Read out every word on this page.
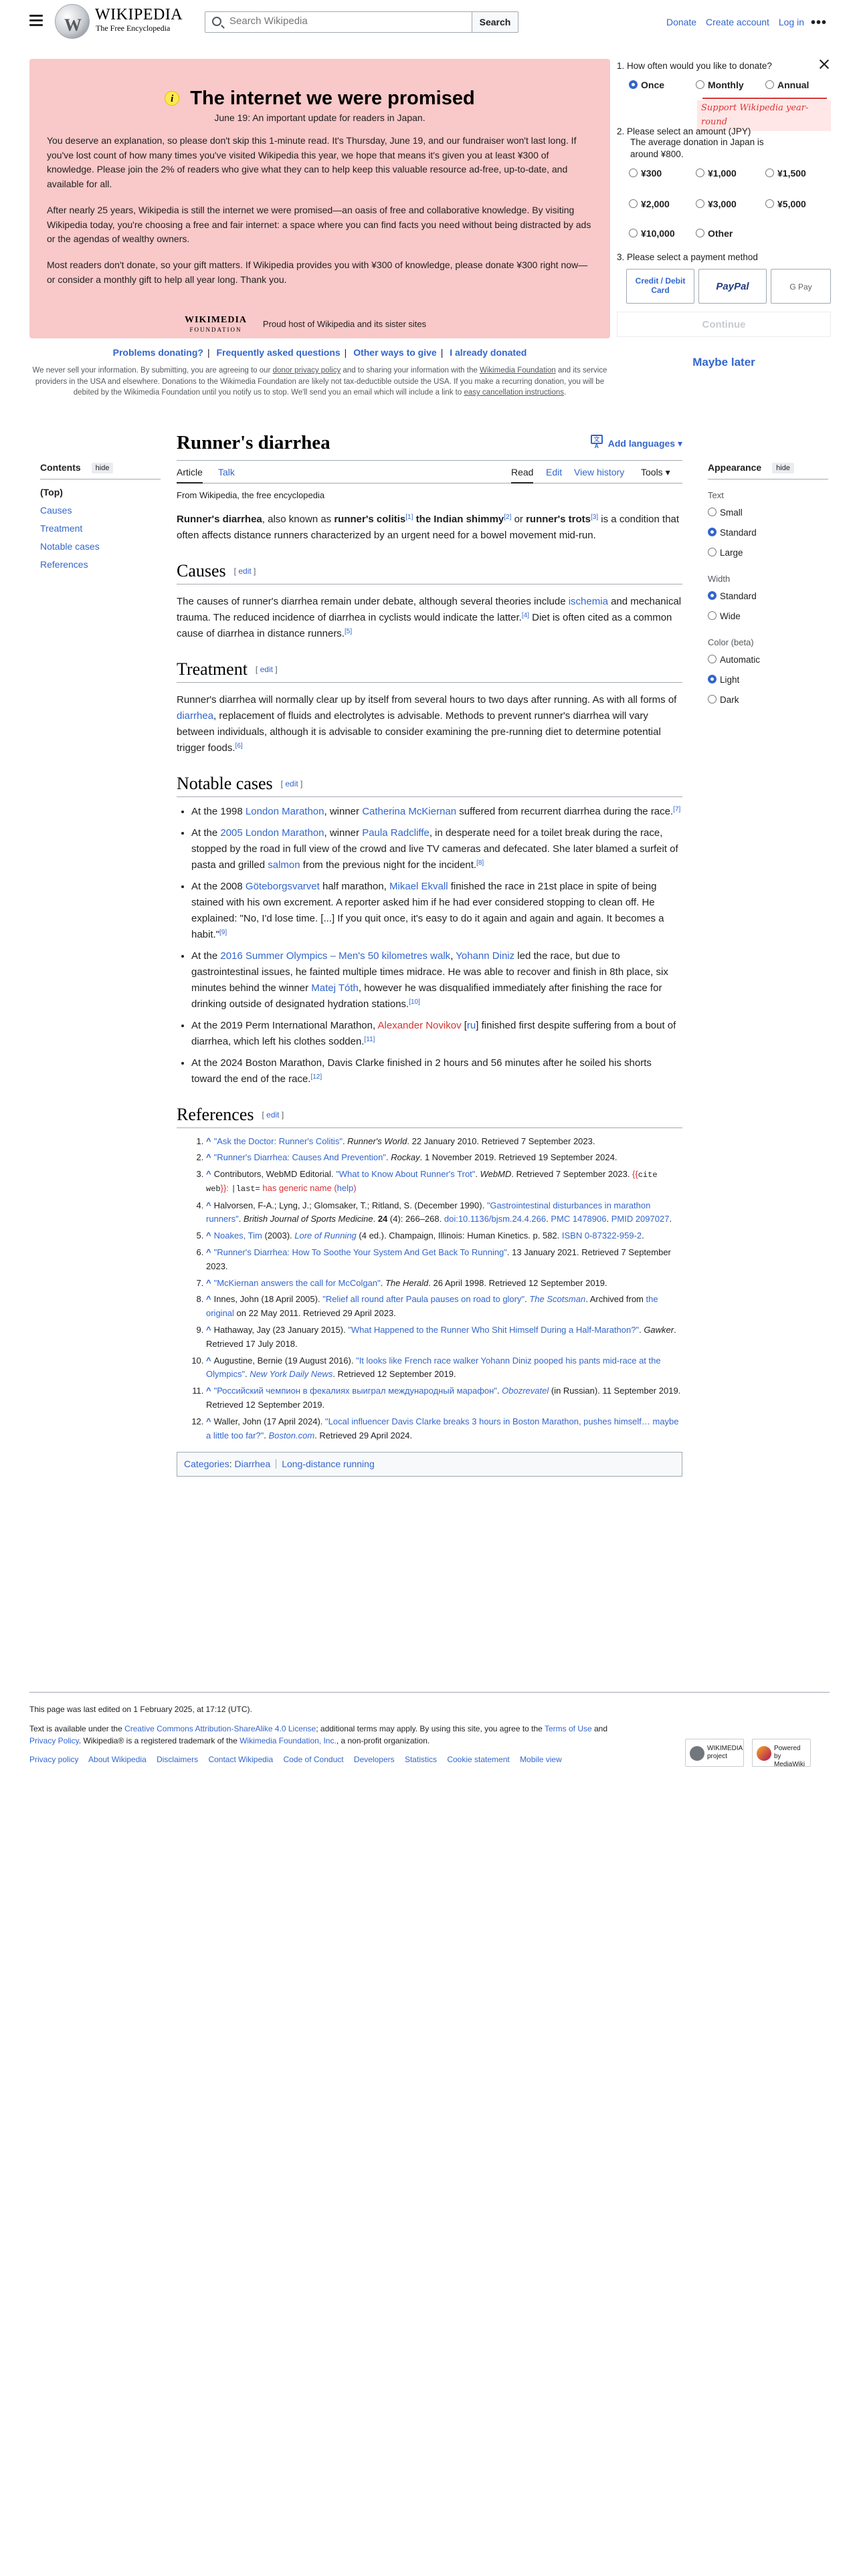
W
WIKIPEDIA
The Free Encyclopedia
Search Wikipedia
Search	Donate Create account Log in •••
i The internet we were promised
June 19: An important update for readers in Japan.
You deserve an explanation, so please don't skip this 1-minute read. It's Thursday, June 19, and our fundraiser won't last long. If you've lost count of how many times you've visited Wikipedia this year, we hope that means it's given you at least ¥300 of knowledge. Please join the 2% of readers who give what they can to help keep this valuable resource ad-free, up-to-date, and available for all.
After nearly 25 years, Wikipedia is still the internet we were promised—an oasis of free and collaborative knowledge. By visiting Wikipedia today, you're choosing a free and fair internet: a space where you can find facts you need without being distracted by ads or the agendas of wealthy owners.
Most readers don't donate, so your gift matters. If Wikipedia provides you with ¥300 of knowledge, please donate ¥300 right now—or consider a monthly gift to help all year long. Thank you.
WIKIMEDIA
FOUNDATION
Proud host of Wikipedia and its sister sites
Problems donating? | Frequently asked questions | Other ways to give | I already donated
We never sell your information. By submitting, you are agreeing to our donor privacy policy and to sharing your information with the Wikimedia Foundation and its service providers in the USA and elsewhere. Donations to the Wikimedia Foundation are likely not tax-deductible outside the USA. If you make a recurring donation, you will be debited by the Wikimedia Foundation until you notify us to stop. We'll send you an email which will include a link to easy cancellation instructions.
1. How often would you like to donate?
Once	Monthly	Annual
Support Wikipedia year-round
2. Please select an amount (JPY)
The average donation in Japan is around ¥800.
¥300	¥1,000	¥1,500
¥2,000	¥3,000	¥5,000
¥10,000	Other
3. Please select a payment method
Credit / Debit Card	PayPal	G Pay
Continue
Maybe later
Contents hide
(Top)
Causes
Treatment
Notable cases
References
Runner's diarrhea	文A Add languages ▾
Article Talk	Read Edit View history Tools ▾
From Wikipedia, the free encyclopedia

Runner's diarrhea, also known as runner's colitis[1] the Indian shimmy[2] or runner's trots[3] is a condition that often affects distance runners characterized by an urgent need for a bowel movement mid-run.

Causes [ edit ]

The causes of runner's diarrhea remain under debate, although several theories include ischemia and mechanical trauma. The reduced incidence of diarrhea in cyclists would indicate the latter.[4] Diet is often cited as a common cause of diarrhea in distance runners.[5]

Treatment [ edit ]

Runner's diarrhea will normally clear up by itself from several hours to two days after running. As with all forms of diarrhea, replacement of fluids and electrolytes is advisable. Methods to prevent runner's diarrhea will vary between individuals, although it is advisable to consider examining the pre-running diet to determine potential trigger foods.[6]

Notable cases [ edit ]
• At the 1998 London Marathon, winner Catherina McKiernan suffered from recurrent diarrhea during the race.[7]
• At the 2005 London Marathon, winner Paula Radcliffe, in desperate need for a toilet break during the race, stopped by the road in full view of the crowd and live TV cameras and defecated. She later blamed a surfeit of pasta and grilled salmon from the previous night for the incident.[8]
• At the 2008 Göteborgsvarvet half marathon, Mikael Ekvall finished the race in 21st place in spite of being stained with his own excrement. A reporter asked him if he had ever considered stopping to clean off. He explained: "No, I'd lose time. [...] If you quit once, it's easy to do it again and again and again. It becomes a habit."[9]
• At the 2016 Summer Olympics – Men's 50 kilometres walk, Yohann Diniz led the race, but due to gastrointestinal issues, he fainted multiple times midrace. He was able to recover and finish in 8th place, six minutes behind the winner Matej Tóth, however he was disqualified immediately after finishing the race for drinking outside of designated hydration stations.[10]
• At the 2019 Perm International Marathon, Alexander Novikov [ru] finished first despite suffering from a bout of diarrhea, which left his clothes sodden.[11]
• At the 2024 Boston Marathon, Davis Clarke finished in 2 hours and 56 minutes after he soiled his shorts toward the end of the race.[12]
References [ edit ]
1. ^ "Ask the Doctor: Runner's Colitis". Runner's World. 22 January 2010. Retrieved 7 September 2023.
2. ^ "Runner's Diarrhea: Causes And Prevention". Rockay. 1 November 2019. Retrieved 19 September 2024.
3. ^ Contributors, WebMD Editorial. "What to Know About Runner's Trot". WebMD. Retrieved 7 September 2023. {{cite web}}: |last= has generic name (help)
4. ^ Halvorsen, F-A.; Lyng, J.; Glomsaker, T.; Ritland, S. (December 1990). "Gastrointestinal disturbances in marathon runners". British Journal of Sports Medicine. 24 (4): 266–268. doi:10.1136/bjsm.24.4.266. PMC 1478906. PMID 2097027.
5. ^ Noakes, Tim (2003). Lore of Running (4 ed.). Champaign, Illinois: Human Kinetics. p. 582. ISBN 0-87322-959-2.
6. ^ "Runner's Diarrhea: How To Soothe Your System And Get Back To Running". 13 January 2021. Retrieved 7 September 2023.
7. ^ "McKiernan answers the call for McColgan". The Herald. 26 April 1998. Retrieved 12 September 2019.
8. ^ Innes, John (18 April 2005). "Relief all round after Paula pauses on road to glory". The Scotsman. Archived from the original on 22 May 2011. Retrieved 29 April 2023.
9. ^ Hathaway, Jay (23 January 2015). "What Happened to the Runner Who Shit Himself During a Half-Marathon?". Gawker. Retrieved 17 July 2018.
10. ^ Augustine, Bernie (19 August 2016). "It looks like French race walker Yohann Diniz pooped his pants mid-race at the Olympics". New York Daily News. Retrieved 12 September 2019.
11. ^ "Российский чемпион в фекалиях выиграл международный марафон". Obozrevatel (in Russian). 11 September 2019. Retrieved 12 September 2019.
12. ^ Waller, John (17 April 2024). "Local influencer Davis Clarke breaks 3 hours in Boston Marathon, pushes himself… maybe a little too far?". Boston.com. Retrieved 29 April 2024.
Categories: Diarrhea Long-distance running
Appearance hide
Text
Small
Standard
Large
Width
Standard
Wide
Color (beta)
Automatic
Light
Dark
This page was last edited on 1 February 2025, at 17:12 (UTC).
Text is available under the Creative Commons Attribution-ShareAlike 4.0 License; additional terms may apply. By using this site, you agree to the Terms of Use and Privacy Policy. Wikipedia® is a registered trademark of the Wikimedia Foundation, Inc., a non-profit organization.
Privacy policy About Wikipedia Disclaimers Contact Wikipedia Code of Conduct Developers Statistics Cookie statement Mobile view
WIKIMEDIA project
Powered by MediaWiki
